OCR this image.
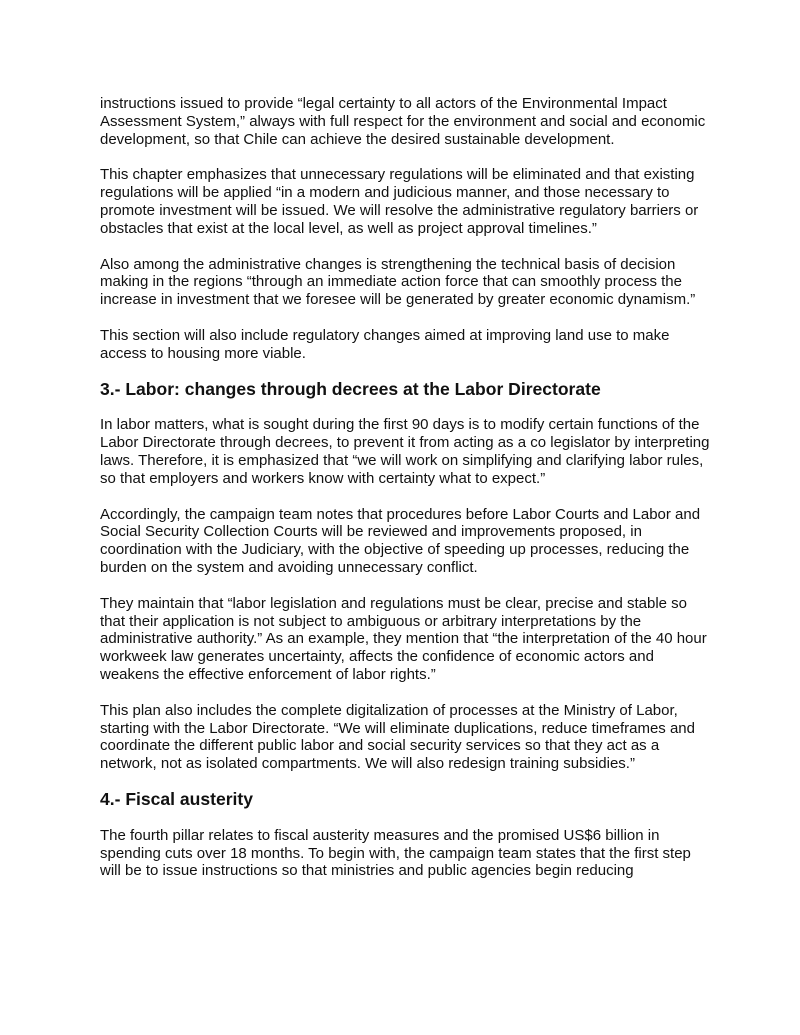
instructions issued to provide “legal certainty to all actors of the Environmental Impact Assessment System,” always with full respect for the environment and social and economic development, so that Chile can achieve the desired sustainable development.

This chapter emphasizes that unnecessary regulations will be eliminated and that existing regulations will be applied “in a modern and judicious manner, and those necessary to promote investment will be issued. We will resolve the administrative regulatory barriers or obstacles that exist at the local level, as well as project approval timelines.”

Also among the administrative changes is strengthening the technical basis of decision making in the regions “through an immediate action force that can smoothly process the increase in investment that we foresee will be generated by greater economic dynamism.”

This section will also include regulatory changes aimed at improving land use to make access to housing more viable.

3.- Labor: changes through decrees at the Labor Directorate

In labor matters, what is sought during the first 90 days is to modify certain functions of the Labor Directorate through decrees, to prevent it from acting as a co legislator by interpreting laws. Therefore, it is emphasized that “we will work on simplifying and clarifying labor rules, so that employers and workers know with certainty what to expect.”

Accordingly, the campaign team notes that procedures before Labor Courts and Labor and Social Security Collection Courts will be reviewed and improvements proposed, in coordination with the Judiciary, with the objective of speeding up processes, reducing the burden on the system and avoiding unnecessary conflict.

They maintain that “labor legislation and regulations must be clear, precise and stable so that their application is not subject to ambiguous or arbitrary interpretations by the administrative authority.” As an example, they mention that “the interpretation of the 40 hour workweek law generates uncertainty, affects the confidence of economic actors and weakens the effective enforcement of labor rights.”

This plan also includes the complete digitalization of processes at the Ministry of Labor, starting with the Labor Directorate. “We will eliminate duplications, reduce timeframes and coordinate the different public labor and social security services so that they act as a network, not as isolated compartments. We will also redesign training subsidies.”

4.- Fiscal austerity

The fourth pillar relates to fiscal austerity measures and the promised US$6 billion in spending cuts over 18 months. To begin with, the campaign team states that the first step will be to issue instructions so that ministries and public agencies begin reducing
